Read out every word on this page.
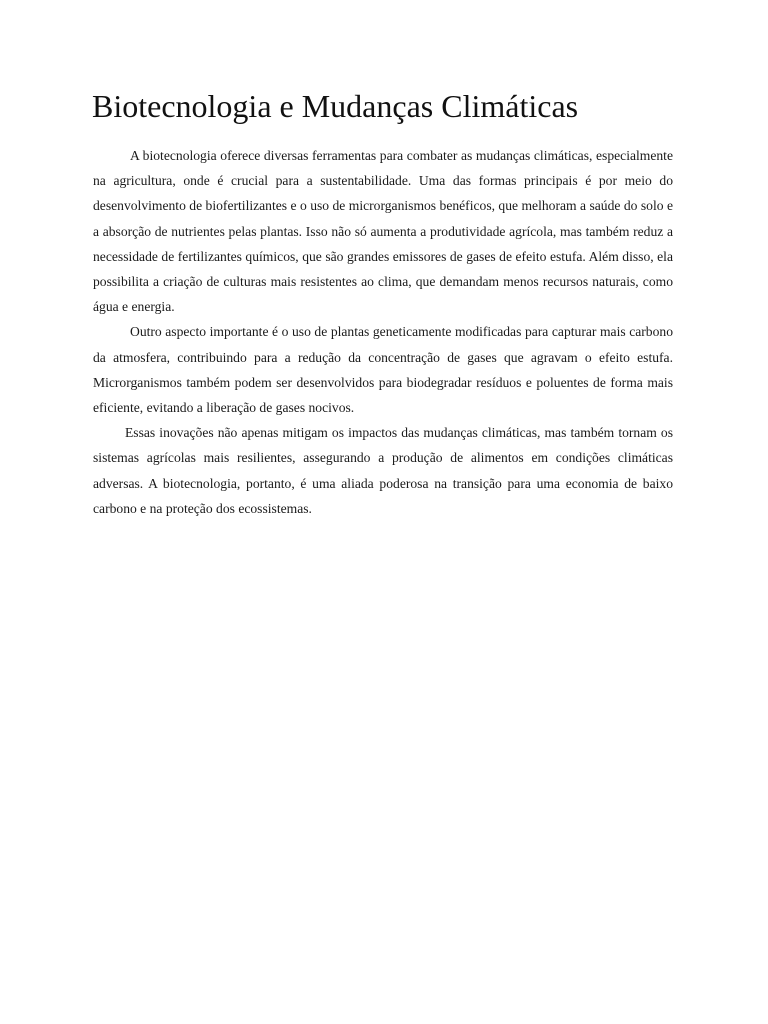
Biotecnologia e Mudanças Climáticas

A biotecnologia oferece diversas ferramentas para combater as mudanças climáticas, especialmente na agricultura, onde é crucial para a sustentabilidade. Uma das formas principais é por meio do desenvolvimento de biofertilizantes e o uso de microrganismos benéficos, que melhoram a saúde do solo e a absorção de nutrientes pelas plantas. Isso não só aumenta a produtividade agrícola, mas também reduz a necessidade de fertilizantes químicos, que são grandes emissores de gases de efeito estufa. Além disso, ela possibilita a criação de culturas mais resistentes ao clima, que demandam menos recursos naturais, como água e energia.

Outro aspecto importante é o uso de plantas geneticamente modificadas para capturar mais carbono da atmosfera, contribuindo para a redução da concentração de gases que agravam o efeito estufa. Microrganismos também podem ser desenvolvidos para biodegradar resíduos e poluentes de forma mais eficiente, evitando a liberação de gases nocivos.

Essas inovações não apenas mitigam os impactos das mudanças climáticas, mas também tornam os sistemas agrícolas mais resilientes, assegurando a produção de alimentos em condições climáticas adversas. A biotecnologia, portanto, é uma aliada poderosa na transição para uma economia de baixo carbono e na proteção dos ecossistemas.
